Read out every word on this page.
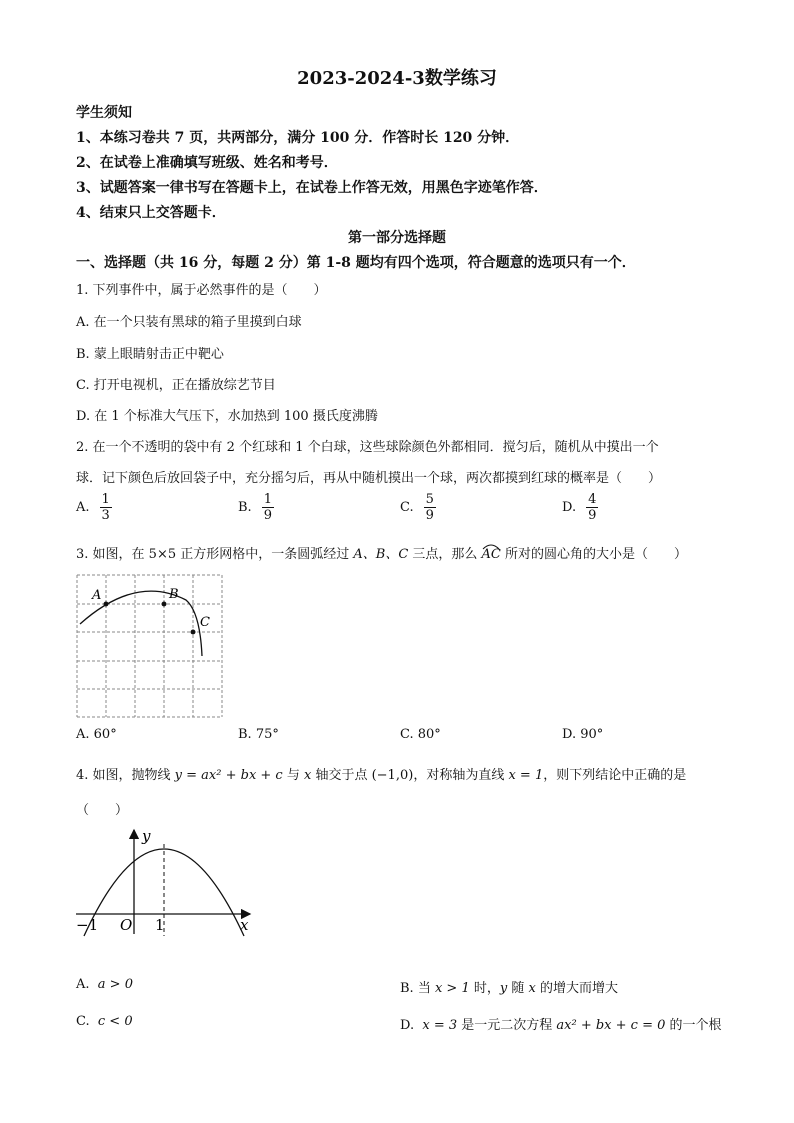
2023-2024-3数学练习
学生须知
1、本练习卷共 7 页，共两部分，满分 100 分．作答时长 120 分钟．
2、在试卷上准确填写班级、姓名和考号．
3、试题答案一律书写在答题卡上，在试卷上作答无效，用黑色字迹笔作答．
4、结束只上交答题卡．
第一部分选择题
一、选择题（共 16 分，每题 2 分）第 1-8 题均有四个选项，符合题意的选项只有一个．
1. 下列事件中，属于必然事件的是（　　）
A. 在一个只装有黑球的箱子里摸到白球
B. 蒙上眼睛射击正中靶心
C. 打开电视机，正在播放综艺节目
D. 在 1 个标准大气压下，水加热到 100 摄氏度沸腾
2. 在一个不透明的袋中有 2 个红球和 1 个白球，这些球除颜色外都相同．搅匀后，随机从中摸出一个
球．记下颜色后放回袋子中，充分摇匀后，再从中随机摸出一个球，两次都摸到红球的概率是（　　）
A. $\frac{1}{3}$	B. $\frac{1}{9}$	C. $\frac{5}{9}$	D. $\frac{4}{9}$
3. 如图，在 5×5 正方形网格中，一条圆弧经过 A、B、C 三点，那么 AC
所对的圆心角的大小是（　　）
A	B
C
A. 60°	B. 75°	C. 80°	D. 90°
4. 如图，抛物线 y = ax² + bx + c 与 x 轴交于点 (−1,0)，对称轴为直线 x = 1，则下列结论中正确的是
（　　）
y
x
O
−1	1
A. a > 0	B. 当 x > 1 时，y 随 x 的增大而增大
C. c < 0	D. x = 3 是一元二次方程 ax² + bx + c = 0 的一个根
